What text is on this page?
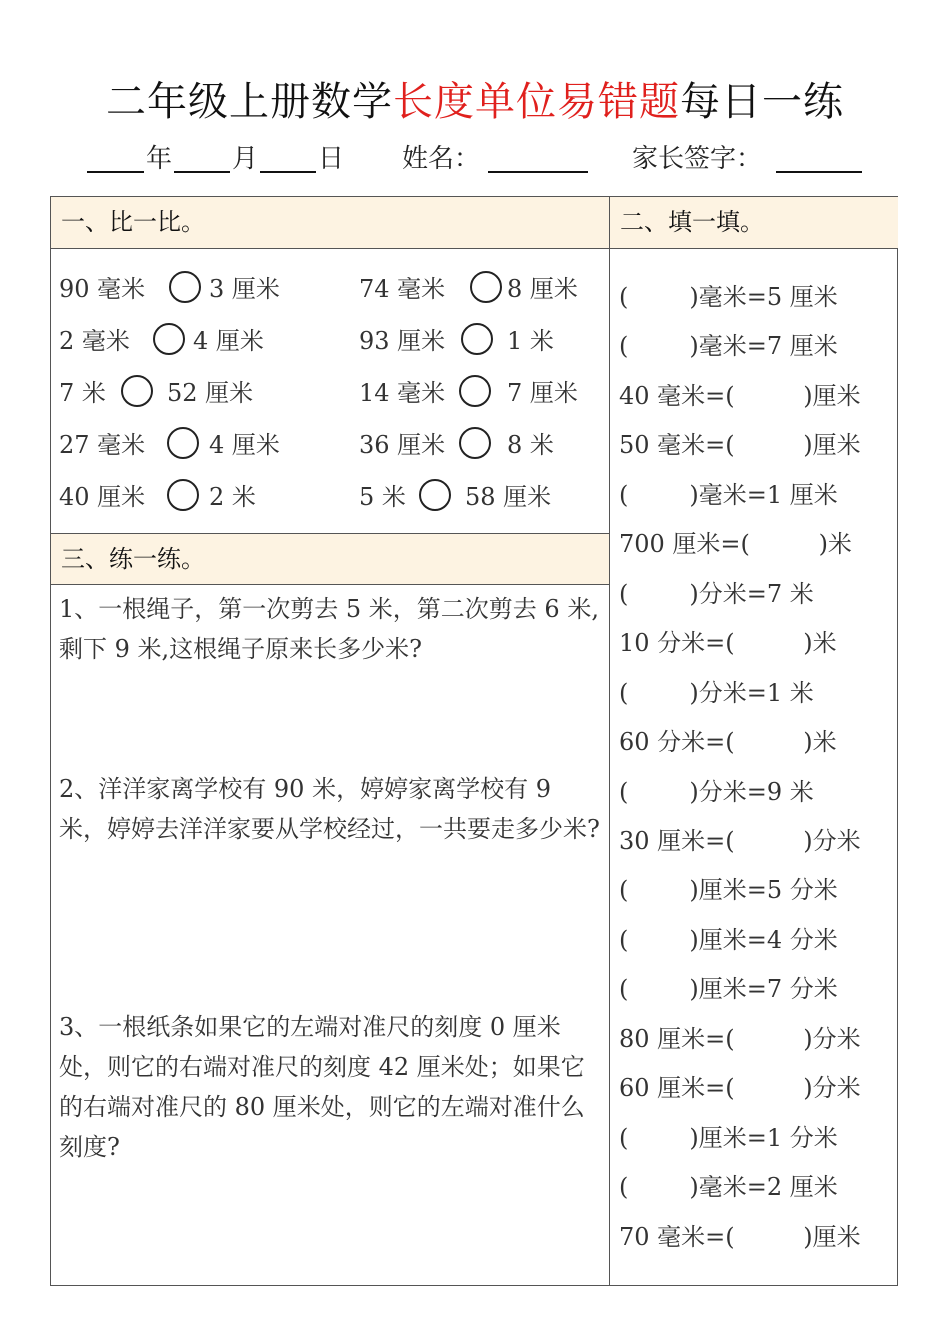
二年级上册数学长度单位易错题每日一练
年 月 日 姓名：	家长签字：
一、比一比。	二、填一填。
90 毫米	3 厘米	74 毫米	8 厘米
2 毫米	4 厘米	93 厘米	1 米
7 米	52 厘米	14 毫米	7 厘米
27 毫米	4 厘米	36 厘米	8 米
40 厘米	2 米	5 米 58 厘米
三、练一练。
1、一根绳子，第一次剪去 5 米，第二次剪去 6 米,剩下 9 米,这根绳子原来长多少米?
2、洋洋家离学校有 90 米，婷婷家离学校有 9 米，婷婷去洋洋家要从学校经过，一共要走多少米?
3、一根纸条如果它的左端对准尺的刻度 0 厘米处，则它的右端对准尺的刻度 42 厘米处；如果它的右端对准尺的 80 厘米处，则它的左端对准什么刻度?
(        )毫米=5 厘米
(        )毫米=7 厘米
40 毫米=(         )厘米
50 毫米=(         )厘米
(        )毫米=1 厘米
700 厘米=(         )米
(        )分米=7 米
10 分米=(         )米
(        )分米=1 米
60 分米=(         )米
(        )分米=9 米
30 厘米=(         )分米
(        )厘米=5 分米
(        )厘米=4 分米
(        )厘米=7 分米
80 厘米=(         )分米
60 厘米=(         )分米
(        )厘米=1 分米
(        )毫米=2 厘米
70 毫米=(         )厘米
